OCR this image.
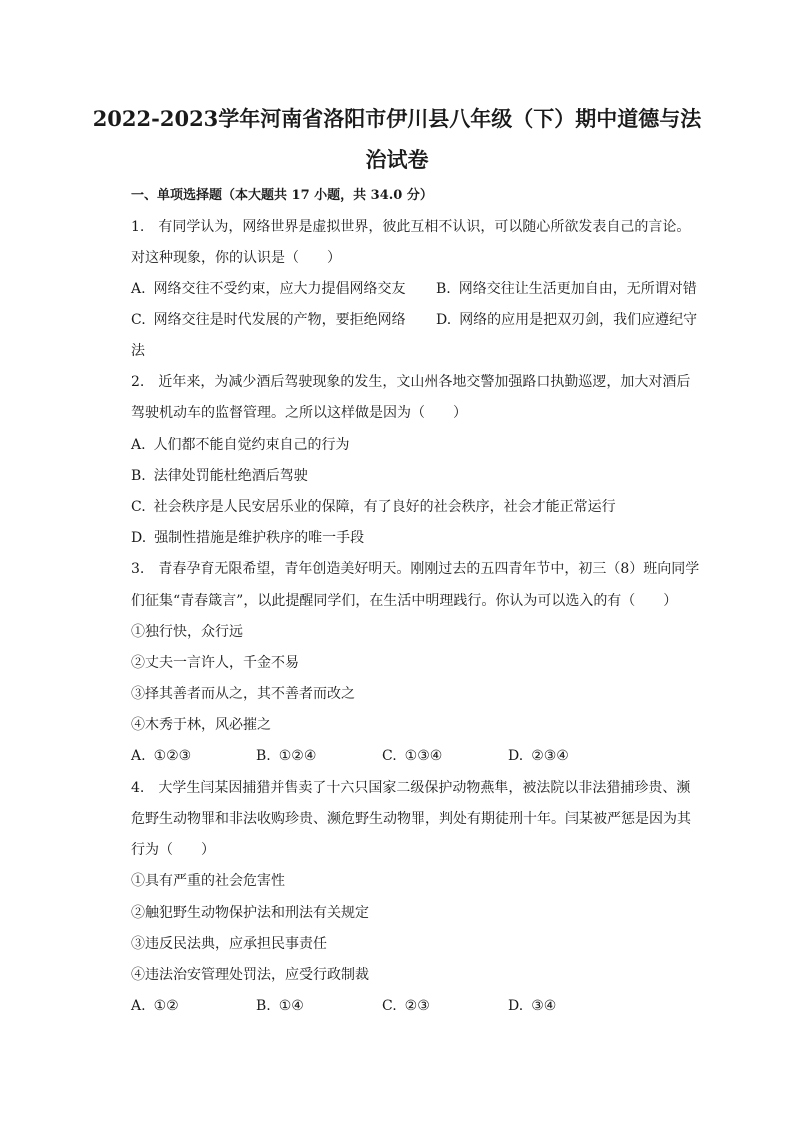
2022-2023学年河南省洛阳市伊川县八年级（下）期中道德与法
治试卷
一、单项选择题（本大题共 17 小题，共 34.0 分）
1. 有同学认为，网络世界是虚拟世界，彼此互相不认识，可以随心所欲发表自己的言论。
对这种现象，你的认识是（　　）
A. 网络交往不受约束，应大力提倡网络交友 B. 网络交往让生活更加自由，无所谓对错
C. 网络交往是时代发展的产物，要拒绝网络 D. 网络的应用是把双刃剑，我们应遵纪守
法
2. 近年来，为减少酒后驾驶现象的发生，文山州各地交警加强路口执勤巡逻，加大对酒后
驾驶机动车的监督管理。之所以这样做是因为（　　）
A. 人们都不能自觉约束自己的行为
B. 法律处罚能杜绝酒后驾驶
C. 社会秩序是人民安居乐业的保障，有了良好的社会秩序，社会才能正常运行
D. 强制性措施是维护秩序的唯一手段
3. 青春孕育无限希望，青年创造美好明天。刚刚过去的五四青年节中，初三（8）班向同学
们征集“青春箴言”，以此提醒同学们，在生活中明理践行。你认为可以选入的有（　　）
①独行快，众行远
②丈夫一言许人，千金不易
③择其善者而从之，其不善者而改之
④木秀于林，风必摧之
A. ①②③	B. ①②④	C. ①③④	D. ②③④
4. 大学生闫某因捕猎并售卖了十六只国家二级保护动物燕隼，被法院以非法猎捕珍贵、濒
危野生动物罪和非法收购珍贵、濒危野生动物罪，判处有期徒刑十年。闫某被严惩是因为其
行为（　　）
①具有严重的社会危害性
②触犯野生动物保护法和刑法有关规定
③违反民法典，应承担民事责任
④违法治安管理处罚法，应受行政制裁
A. ①②	B. ①④	C. ②③	D. ③④
